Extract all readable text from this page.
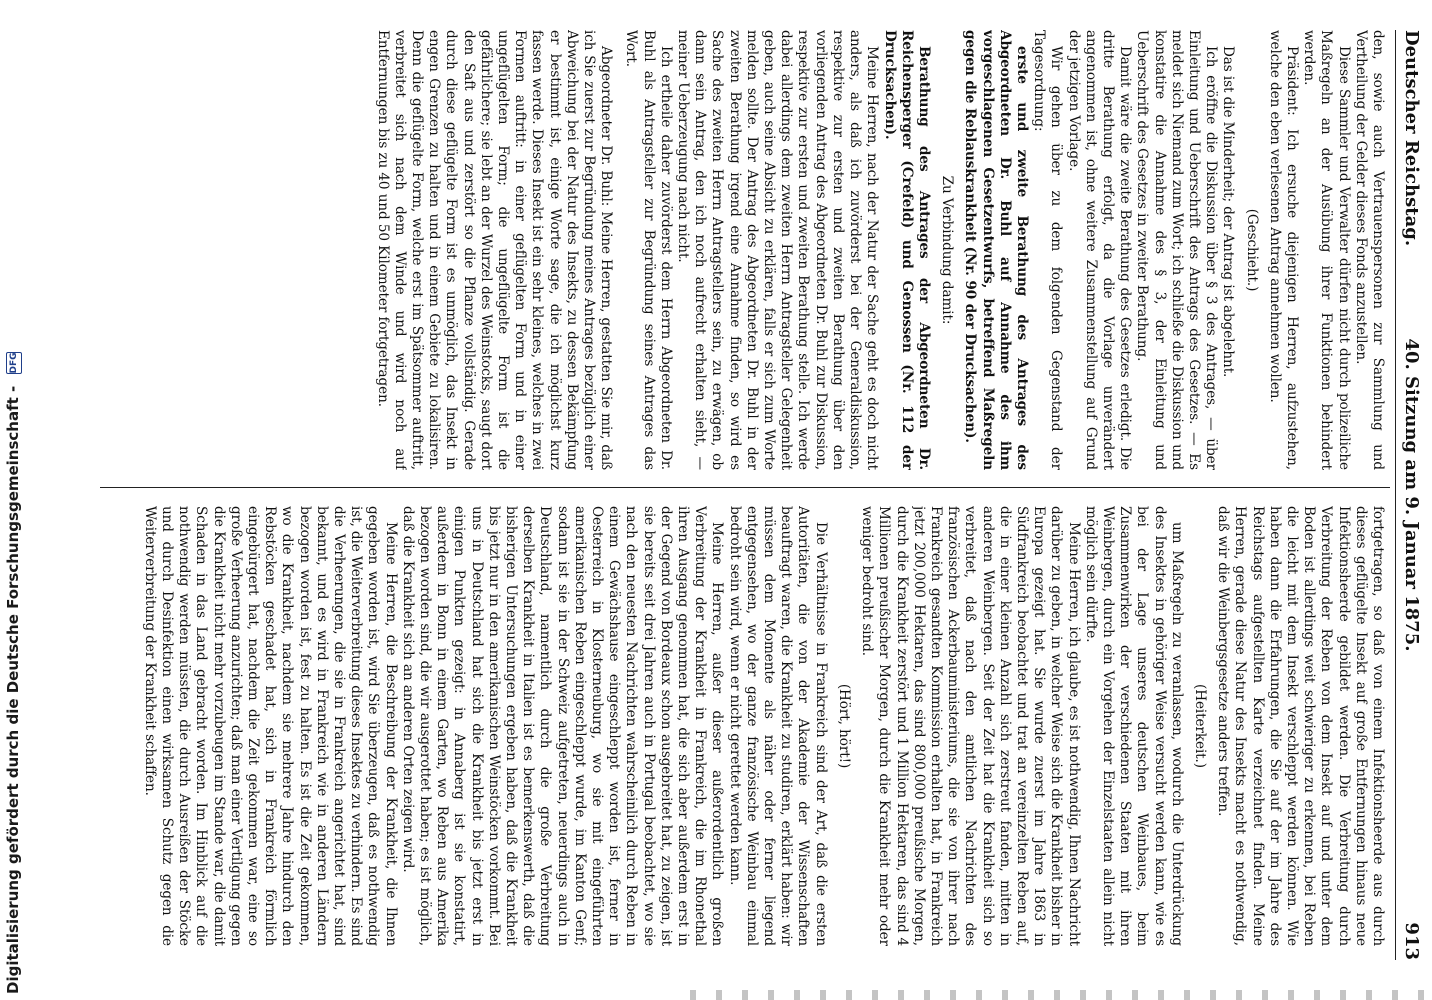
Deutscher Reichstag.
40. Sitzung am 9. Januar 1875.
913

den, sowie auch Vertrauenspersonen zur Sammlung und Vertheilung der Gelder dieses Fonds anzustellen.

Diese Sammler und Verwalter dürfen nicht durch polizeiliche Maßregeln an der Ausübung ihrer Funktionen behindert werden.

Präsident: Ich ersuche diejenigen Herren, aufzustehen, welche den eben verlesenen Antrag annehmen wollen.

(Geschieht.)

Das ist die Minderheit; der Antrag ist abgelehnt.

Ich eröffne die Diskussion über § 3 des Antrages, — über Einleitung und Ueberschrift des Antrags des Gesetzes. — Es meldet sich Niemand zum Wort; ich schließe die Diskussion und konstatire die Annahme des § 3, der Einleitung und Ueberschrift des Gesetzes in zweiter Berathung.

Damit wäre die zweite Berathung des Gesetzes erledigt. Die dritte Berathung erfolgt, da die Vorlage unverändert angenommen ist, ohne weitere Zusammenstellung auf Grund der jetzigen Vorlage.

Wir gehen über zu dem folgenden Gegenstand der Tagesordnung:

erste und zweite Berathung des Antrages des Abgeordneten Dr. Buhl auf Annahme des ihm vorgeschlagenen Gesetzentwurfs, betreffend Maßregeln gegen die Reblauskrankheit (Nr. 90 der Drucksachen).

Zu Verbindung damit:

Berathung des Antrages der Abgeordneten Dr. Reichensperger (Crefeld) und Genossen (Nr. 112 der Drucksachen).

Meine Herren, nach der Natur der Sache geht es doch nicht anders, als daß ich zuvörderst bei der Generaldiskussion, respektive zur ersten und zweiten Berathung über den vorliegenden Antrag des Abgeordneten Dr. Buhl zur Diskussion, respektive zur ersten und zweiten Berathung stelle. Ich werde dabei allerdings dem zweiten Herrn Antragsteller Gelegenheit geben, auch seine Absicht zu erklären, falls er sich zum Worte melden sollte. Der Antrag des Abgeordneten Dr. Buhl in der zweiten Berathung irgend eine Annahme finden, so wird es Sache des zweiten Herrn Antragstellers sein, zu erwägen, ob dann sein Antrag, den ich noch aufrecht erhalten sieht, — meiner Ueberzeugung nach nicht.

Ich ertheile daher zuvörderst dem Herrn Abgeordneten Dr. Buhl als Antragsteller zur Begründung seines Antrages das Wort.

Abgeordneter Dr. Buhl: Meine Herren, gestatten Sie mir, daß ich Sie zuerst zur Begründung meines Antrages bezüglich einer Abweichung bei der Natur des Insekts, zu dessen Bekämpfung er bestimmt ist, einige Worte sage, die ich möglichst kurz fassen werde. Dieses Insekt ist ein sehr kleines, welches in zwei Formen auftritt: in einer geflügelten Form und in einer ungeflügelten Form; die ungeflügelte Form ist die gefährlichere; sie lebt an der Wurzel des Weinstocks, saugt dort den Saft aus und zerstört so die Pflanze vollständig. Gerade durch diese geflügelte Form ist es unmöglich, das Insekt in engen Grenzen zu halten und in einem Gebiete zu lokalisiren. Denn die geflügelte Form, welche erst im Spätsommer auftritt, verbreitet sich nach dem Winde und wird noch auf Entfernungen bis zu 40 und 50 Kilometer fortgetragen.

fortgetragen, so daß von einem Infektionsheerde aus durch dieses geflügelte Insekt auf große Entfernungen hinaus neue Infektionsheerde gebildet werden. Die Verbreitung durch Verbreitung der Reben von dem Insekt auf und unter dem Boden ist allerdings weit schwieriger zu erkennen, bei Reben die leicht mit dem Insekt verschleppt werden können. Wie haben dann die Erfahrungen, die Sie auf der im Jahre des Reichstags aufgestellten Karte verzeichnet finden. Meine Herren, gerade diese Natur des Insekts macht es nothwendig, daß wir die Weinbergsgesetze anders treffen.

(Heiterkeit.)

um Maßregeln zu veranlassen, wodurch die Unterdrückung des Insektes in gehöriger Weise versucht werden kann, wie es bei der Lage unseres deutschen Weinbaues, beim Zusammenwirken der verschiedenen Staaten mit ihren Weinbergen, durch ein Vorgehen der Einzelstaaten allein nicht möglich sein dürfte.

Meine Herren, ich glaube, es ist nothwendig, Ihnen Nachricht darüber zu geben, in welcher Weise sich die Krankheit bisher in Europa gezeigt hat. Sie wurde zuerst im Jahre 1863 in Südfrankreich beobachtet und trat an vereinzelten Reben auf, die in einer kleinen Anzahl sich zerstreut fanden, mitten in anderen Weinbergen. Seit der Zeit hat die Krankheit sich so verbreitet, daß nach den amtlichen Nachrichten des französischen Ackerbauministeriums, die sie von ihrer nach Frankreich gesandten Kommission erhalten hat, in Frankreich jetzt 200,000 Hektaren, das sind 800,000 preußische Morgen, durch die Krankheit zerstört und 1 Million Hektaren, das sind 4 Millionen preußischer Morgen, durch die Krankheit mehr oder weniger bedroht sind.

(Hört, hört!)

Die Verhältnisse in Frankreich sind der Art, daß die ersten Autoritäten, die von der Akademie der Wissenschaften beauftragt waren, die Krankheit zu studiren, erklärt haben: wir müssen dem Momente als näher oder ferner liegend entgegensehen, wo der ganze französische Weinbau einmal bedroht sein wird, wenn er nicht gerettet werden kann.

Meine Herren, außer dieser außerordentlich großen Verbreitung der Krankheit in Frankreich, die im Rhonethal ihren Ausgang genommen hat, die sich aber außerdem erst in der Gegend von Bordeaux schon ausgebreitet hat, zu zeigen, ist sie bereits seit drei Jahren auch in Portugal beobachtet, wo sie nach den neuesten Nachrichten wahrscheinlich durch Reben in einem Gewächshause eingeschleppt worden ist, ferner in Oesterreich in Klosterneuburg, wo sie mit eingeführten amerikanischen Reben eingeschleppt wurde, im Kanton Genf; sodann ist sie in der Schweiz aufgetreten, neuerdings auch in Deutschland, namentlich durch die große Verbreitung derselben Krankheit in Italien ist es bemerkenswerth, daß die bisherigen Untersuchungen ergeben haben, daß die Krankheit bis jetzt nur in den amerikanischen Weinstöcken vorkommt. Bei uns in Deutschland hat sich die Krankheit bis jetzt erst in einigen Punkten gezeigt: in Annaberg ist sie konstatirt, außerdem in Bonn in einem Garten, wo Reben aus Amerika bezogen worden sind, die wir ausgerottet haben; es ist möglich, daß die Krankheit sich an anderen Orten zeigen wird.

Meine Herren, die Beschreibung der Krankheit, die Ihnen gegeben worden ist, wird Sie überzeugen, daß es nothwendig ist, die Weiterverbreitung dieses Insektes zu verhindern. Es sind die Verheerungen, die sie in Frankreich angerichtet hat, sind bekannt, und es wird in Frankreich wie in anderen Ländern bezogen worden ist, fest zu halten. Es ist die Zeit gekommen, wo die Krankheit, nachdem sie mehrere Jahre hindurch den Rebstöcken geschadet hat, sich in Frankreich förmlich eingebürgert hat, nachdem die Zeit gekommen war, eine so große Verheerung anzurichten; daß man einer Vertilgung gegen die Krankheit nicht mehr vorzubeugen im Stande war, die damit Schaden in das Land gebracht worden. Im Hinblick auf die nothwendig werden müssten, die durch Ausreißen der Stöcke und durch Desinfektion einen wirksamen Schutz gegen die Weiterverbreitung der Krankheit schaffen.

Digitalisierung gefördert durch die Deutsche Forschungsgemeinschaft - DFG
